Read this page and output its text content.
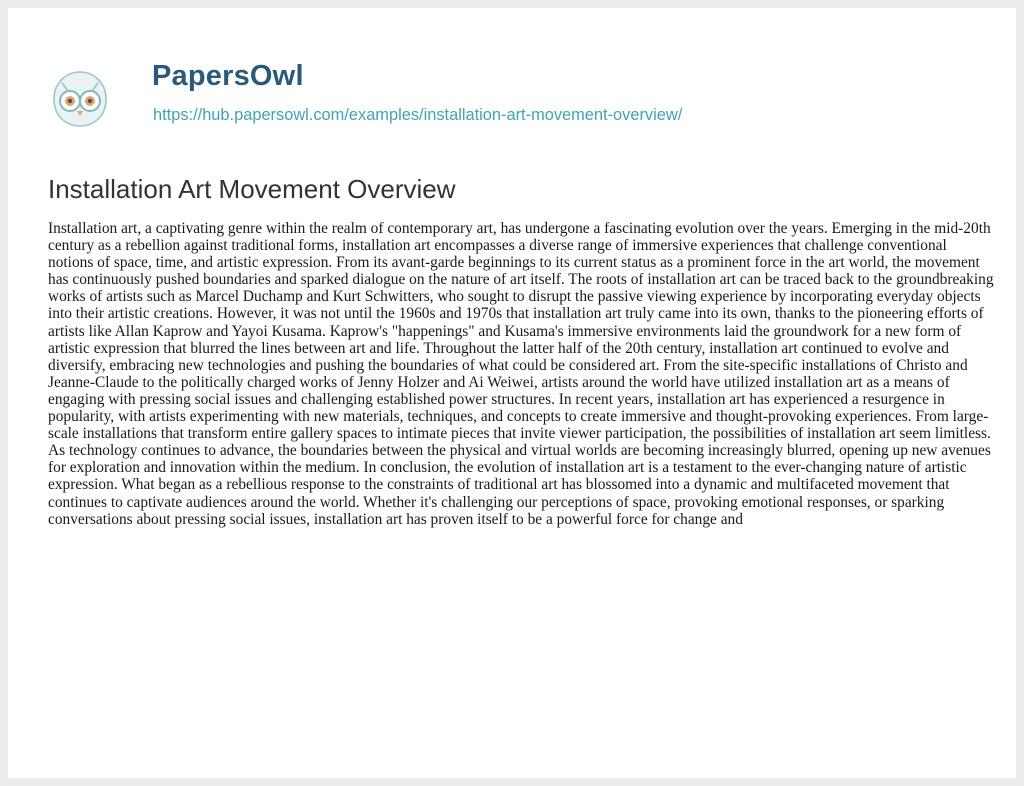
PapersOwl
https://hub.papersowl.com/examples/installation-art-movement-overview/
Installation Art Movement Overview

Installation art, a captivating genre within the realm of contemporary art, has undergone a fascinating evolution over the years. Emerging in the mid-20th century as a rebellion against traditional forms, installation art encompasses a diverse range of immersive experiences that challenge conventional notions of space, time, and artistic expression. From its avant-garde beginnings to its current status as a prominent force in the art world, the movement has continuously pushed boundaries and sparked dialogue on the nature of art itself. The roots of installation art can be traced back to the groundbreaking works of artists such as Marcel Duchamp and Kurt Schwitters, who sought to disrupt the passive viewing experience by incorporating everyday objects into their artistic creations. However, it was not until the 1960s and 1970s that installation art truly came into its own, thanks to the pioneering efforts of artists like Allan Kaprow and Yayoi Kusama. Kaprow's "happenings" and Kusama's immersive environments laid the groundwork for a new form of artistic expression that blurred the lines between art and life. Throughout the latter half of the 20th century, installation art continued to evolve and diversify, embracing new technologies and pushing the boundaries of what could be considered art. From the site-specific installations of Christo and Jeanne-Claude to the politically charged works of Jenny Holzer and Ai Weiwei, artists around the world have utilized installation art as a means of engaging with pressing social issues and challenging established power structures. In recent years, installation art has experienced a resurgence in popularity, with artists experimenting with new materials, techniques, and concepts to create immersive and thought-provoking experiences. From large-scale installations that transform entire gallery spaces to intimate pieces that invite viewer participation, the possibilities of installation art seem limitless. As technology continues to advance, the boundaries between the physical and virtual worlds are becoming increasingly blurred, opening up new avenues for exploration and innovation within the medium. In conclusion, the evolution of installation art is a testament to the ever-changing nature of artistic expression. What began as a rebellious response to the constraints of traditional art has blossomed into a dynamic and multifaceted movement that continues to captivate audiences around the world. Whether it's challenging our perceptions of space, provoking emotional responses, or sparking conversations about pressing social issues, installation art has proven itself to be a powerful force for change and
